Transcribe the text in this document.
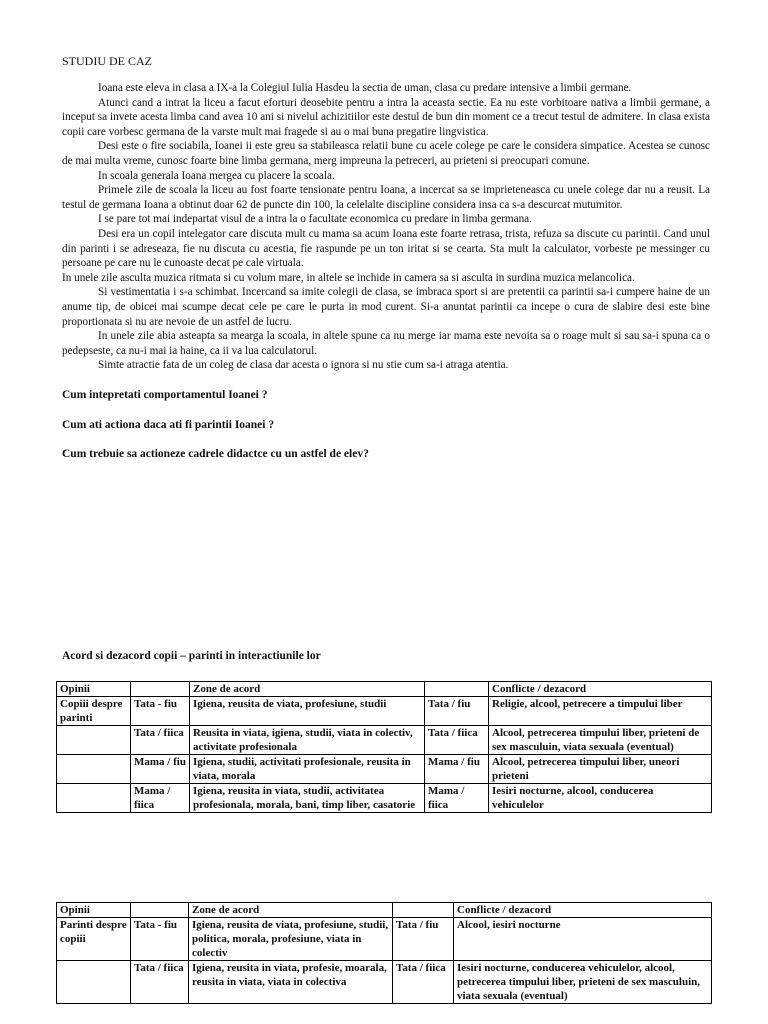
STUDIU DE CAZ

Ioana este eleva in clasa a IX-a la Colegiul Iulia Hasdeu la sectia de uman, clasa cu predare intensive a limbii germane.

Atunci cand a intrat la liceu a facut eforturi deosebite pentru a intra la aceasta sectie. Ea nu este vorbitoare nativa a limbii germane, a inceput sa invete acesta limba cand avea 10 ani si nivelul achizitiilor este destul de bun din moment ce a trecut testul de admitere. In clasa exista copii care vorbesc germana de la varste mult mai fragede si au o mai buna pregatire lingvistica.

Desi este o fire sociabila, Ioanei ii este greu sa stabileasca relatii bune cu acele colege pe care le considera simpatice. Acestea se cunosc de mai multa vreme, cunosc foarte bine limba germana, merg impreuna la petreceri, au prieteni si preocupari comune.

In scoala generala Ioana mergea cu placere la scoala.

Primele zile de scoala la liceu au fost foarte tensionate pentru Ioana, a incercat sa se imprieteneasca cu unele colege dar nu a reusit. La testul de germana Ioana a obtinut doar 62 de puncte din 100, la celelalte discipline considera insa ca s-a descurcat mutumitor.

I se pare tot mai indepartat visul de a intra la o facultate economica cu predare in limba germana.

Desi era un copil intelegator care discuta mult cu mama sa acum Ioana este foarte retrasa, trista, refuza sa discute cu parintii. Cand unul din parinti i se adreseaza, fie nu discuta cu acestia, fie raspunde pe un ton iritat si se cearta. Sta mult la calculator, vorbeste pe messinger cu persoane pe care nu le cunoaste decat pe cale virtuala.

In unele zile asculta muzica ritmata si cu volum mare, in altele se inchide in camera sa si asculta in surdina muzica melancolica.

Si vestimentatia i s-a schimbat. Incercand sa imite colegii de clasa, se imbraca sport si are pretentii ca parintii sa-i cumpere haine de un anume tip, de obicei mai scumpe decat cele pe care le purta in mod curent. Si-a anuntat parintii ca incepe o cura de slabire desi este bine proportionata si nu are nevoie de un astfel de lucru.

In unele zile abia asteapta sa mearga la scoala, in altele spune ca nu merge iar mama este nevoita sa o roage mult si sau sa-i spuna ca o pedepseste, ca nu-i mai ia haine, ca ii va lua calculatorul.

Simte atractie fata de un coleg de clasa dar acesta o ignora si nu stie cum sa-i atraga atentia.

Cum intepretati comportamentul Ioanei ?

Cum ati actiona daca ati fi parintii Ioanei ?

Cum trebuie sa actioneze cadrele didactce cu un astfel de elev?

Acord si dezacord copii – parinti in interactiunile lor
Opinii		Zone de acord		Conflicte / dezacord
Copiii despre parinti	Tata - fiu	Igiena, reusita de viata, profesiune, studii	Tata / fiu	Religie, alcool, petrecere a timpului liber
	Tata / fiica	Reusita in viata, igiena, studii, viata in colectiv, activitate profesionala	Tata / fiica	Alcool, petrecerea timpului liber, prieteni de sex masculuin, viata sexuala (eventual)
	Mama / fiu	Igiena, studii, activitati profesionale, reusita in viata, morala	Mama / fiu	Alcool, petrecerea timpului liber, uneori prieteni
	Mama / fiica	Igiena, reusita in viata, studii, activitatea profesionala, morala, bani, timp liber, casatorie	Mama / fiica	Iesiri nocturne, alcool, conducerea vehiculelor
Opinii		Zone de acord		Conflicte / dezacord
Parinti despre copiii	Tata - fiu	Igiena, reusita de viata, profesiune, studii, politica, morala, profesiune, viata in colectiv	Tata / fiu	Alcool, iesiri nocturne
	Tata / fiica	Igiena, reusita in viata, profesie, moarala, reusita in viata, viata in colectiva	Tata / fiica	Iesiri nocturne, conducerea vehiculelor, alcool, petrecerea timpului liber, prieteni de sex masculuin, viata sexuala (eventual)
